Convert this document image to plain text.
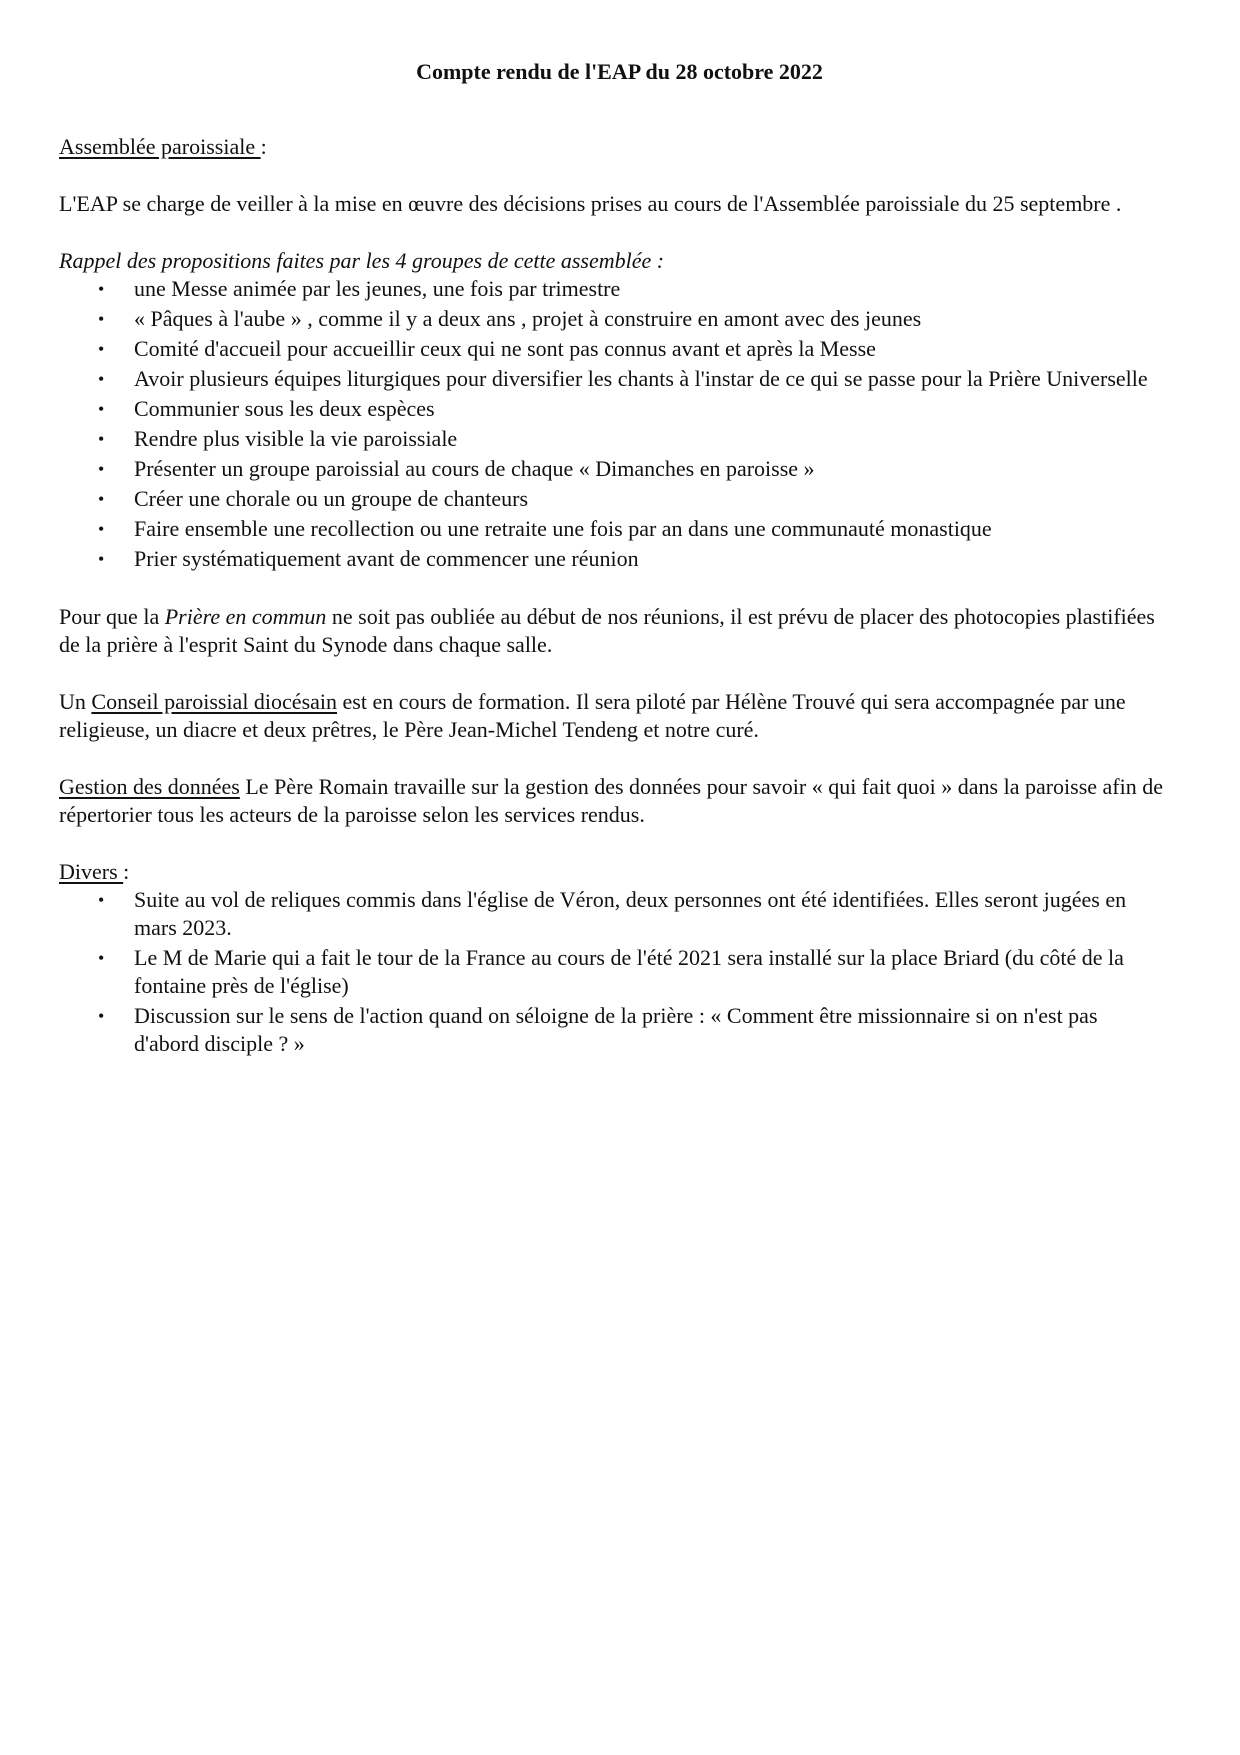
Compte rendu de l'EAP du 28 octobre 2022

Assemblée paroissiale :

L'EAP se charge de veiller à la mise en œuvre des décisions prises au cours de l'Assemblée paroissiale du 25 septembre .

Rappel des propositions faites par les 4 groupes de cette assemblée :

• une Messe animée par les jeunes, une fois par trimestre
• « Pâques à l'aube » , comme il y a deux ans , projet à construire en amont avec des jeunes
• Comité d'accueil pour accueillir ceux qui ne sont pas connus avant et après la Messe
• Avoir plusieurs équipes liturgiques pour diversifier les chants à l'instar de ce qui se passe pour la Prière Universelle
• Communier sous les deux espèces
• Rendre plus visible la vie paroissiale
• Présenter un groupe paroissial au cours de chaque « Dimanches en paroisse »
• Créer une chorale ou un groupe de chanteurs
• Faire ensemble une recollection ou une retraite une fois par an dans une communauté monastique
• Prier systématiquement avant de commencer une réunion

Pour que la Prière en commun ne soit pas oubliée au début de nos réunions, il est prévu de placer des photocopies plastifiées de la prière à l'esprit Saint du Synode dans chaque salle.

Un Conseil paroissial diocésain est en cours de formation. Il sera piloté par Hélène Trouvé qui sera accompagnée par une religieuse, un diacre et deux prêtres, le Père Jean-Michel Tendeng et notre curé.

Gestion des données Le Père Romain travaille sur la gestion des données pour savoir « qui fait quoi » dans la paroisse afin de répertorier tous les acteurs de la paroisse selon les services rendus.

Divers :

• Suite au vol de reliques commis dans l'église de Véron, deux personnes ont été identifiées. Elles seront jugées en mars 2023.
• Le M de Marie qui a fait le tour de la France au cours de l'été 2021 sera installé sur la place Briard (du côté de la fontaine près de l'église)
• Discussion sur le sens de l'action quand on séloigne de la prière : « Comment être missionnaire si on n'est pas d'abord disciple ? »
